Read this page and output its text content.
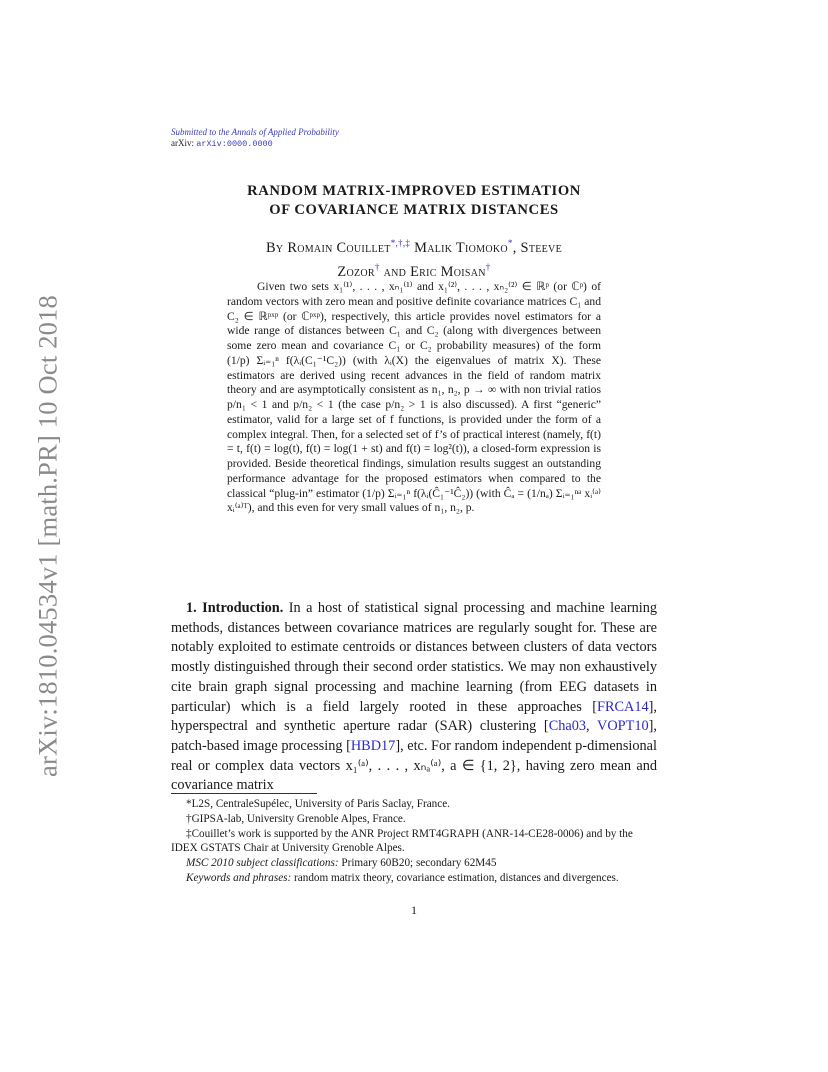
arXiv:1810.04534v1 [math.PR] 10 Oct 2018
Submitted to the Annals of Applied Probability
arXiv: arXiv:0000.0000
RANDOM MATRIX-IMPROVED ESTIMATION
OF COVARIANCE MATRIX DISTANCES
By Romain Couillet*,†,‡ Malik Tiomoko*, Steeve
Zozor† and Eric Moisan†

Given two sets x₁⁽¹⁾, . . . , xₙ₁⁽¹⁾ and x₁⁽²⁾, . . . , xₙ₂⁽²⁾ ∈ ℝᵖ (or ℂᵖ) of random vectors with zero mean and positive definite covariance matrices C₁ and C₂ ∈ ℝᵖˣᵖ (or ℂᵖˣᵖ), respectively, this article provides novel estimators for a wide range of distances between C₁ and C₂ (along with divergences between some zero mean and covariance C₁ or C₂ probability measures) of the form (1/p) Σᵢ₌₁ⁿ f(λᵢ(C₁⁻¹C₂)) (with λᵢ(X) the eigenvalues of matrix X). These estimators are derived using recent advances in the field of random matrix theory and are asymptotically consistent as n₁, n₂, p → ∞ with non trivial ratios p/n₁ < 1 and p/n₂ < 1 (the case p/n₂ > 1 is also discussed). A first “generic” estimator, valid for a large set of f functions, is provided under the form of a complex integral. Then, for a selected set of f’s of practical interest (namely, f(t) = t, f(t) = log(t), f(t) = log(1 + st) and f(t) = log²(t)), a closed-form expression is provided. Beside theoretical findings, simulation results suggest an outstanding performance advantage for the proposed estimators when compared to the classical “plug-in” estimator (1/p) Σᵢ₌₁ⁿ f(λᵢ(Ĉ₁⁻¹Ĉ₂)) (with Ĉₐ = (1/nₐ) Σᵢ₌₁ⁿᵃ xᵢ⁽ᵃ⁾xᵢ⁽ᵃ⁾ᵀ), and this even for very small values of n₁, n₂, p.

1. Introduction. In a host of statistical signal processing and machine learning methods, distances between covariance matrices are regularly sought for. These are notably exploited to estimate centroids or distances between clusters of data vectors mostly distinguished through their second order statistics. We may non exhaustively cite brain graph signal processing and machine learning (from EEG datasets in particular) which is a field largely rooted in these approaches [FRCA14], hyperspectral and synthetic aperture radar (SAR) clustering [Cha03, VOPT10], patch-based image processing [HBD17], etc. For random independent p-dimensional real or complex data vectors x₁⁽ᵃ⁾, . . . , xₙₐ⁽ᵃ⁾, a ∈ {1, 2}, having zero mean and covariance matrix

*L2S, CentraleSupélec, University of Paris Saclay, France.
†GIPSA-lab, University Grenoble Alpes, France.
‡Couillet’s work is supported by the ANR Project RMT4GRAPH (ANR-14-CE28-0006) and by the IDEX GSTATS Chair at University Grenoble Alpes.
MSC 2010 subject classifications: Primary 60B20; secondary 62M45
Keywords and phrases: random matrix theory, covariance estimation, distances and divergences.
1
